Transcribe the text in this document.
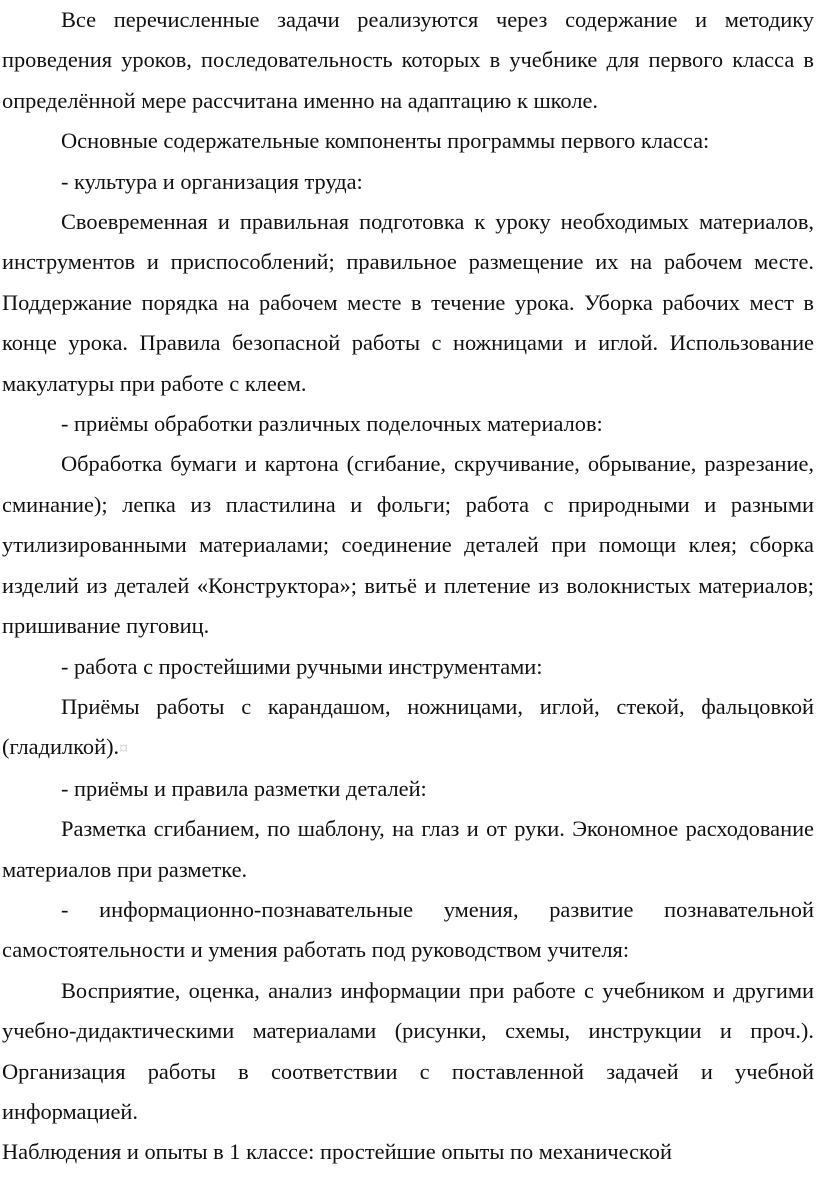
Все перечисленные задачи реализуются через содержание и методику проведения уроков, последовательность которых в учебнике для первого класса в определённой мере рассчитана именно на адаптацию к школе.

Основные содержательные компоненты программы первого класса:

- культура и организация труда:

Своевременная и правильная подготовка к уроку необходимых материалов, инструментов и приспособлений; правильное размещение их на рабочем месте. Поддержание порядка на рабочем месте в течение урока. Уборка рабочих мест в конце урока. Правила безопасной работы с ножницами и иглой. Использование макулатуры при работе с клеем.

- приёмы обработки различных поделочных материалов:

Обработка бумаги и картона (сгибание, скручивание, обрывание, разрезание, сминание); лепка из пластилина и фольги; работа с природными и разными утилизированными материалами; соединение деталей при помощи клея; сборка изделий из деталей «Конструктора»; витьё и плетение из волокнистых материалов; пришивание пуговиц.

- работа с простейшими ручными инструментами:

Приёмы работы с карандашом, ножницами, иглой, стекой, фальцовкой (гладилкой).¤

- приёмы и правила разметки деталей:

Разметка сгибанием, по шаблону, на глаз и от руки. Экономное расходование материалов при разметке.

- информационно-познавательные умения, развитие познавательной самостоятельности и умения работать под руководством учителя:

Восприятие, оценка, анализ информации при работе с учебником и другими учебно-дидактическими материалами (рисунки, схемы, инструкции и проч.). Организация работы в соответствии с поставленной задачей и учебной информацией.

Наблюдения и опыты в 1 классе: простейшие опыты по механической
